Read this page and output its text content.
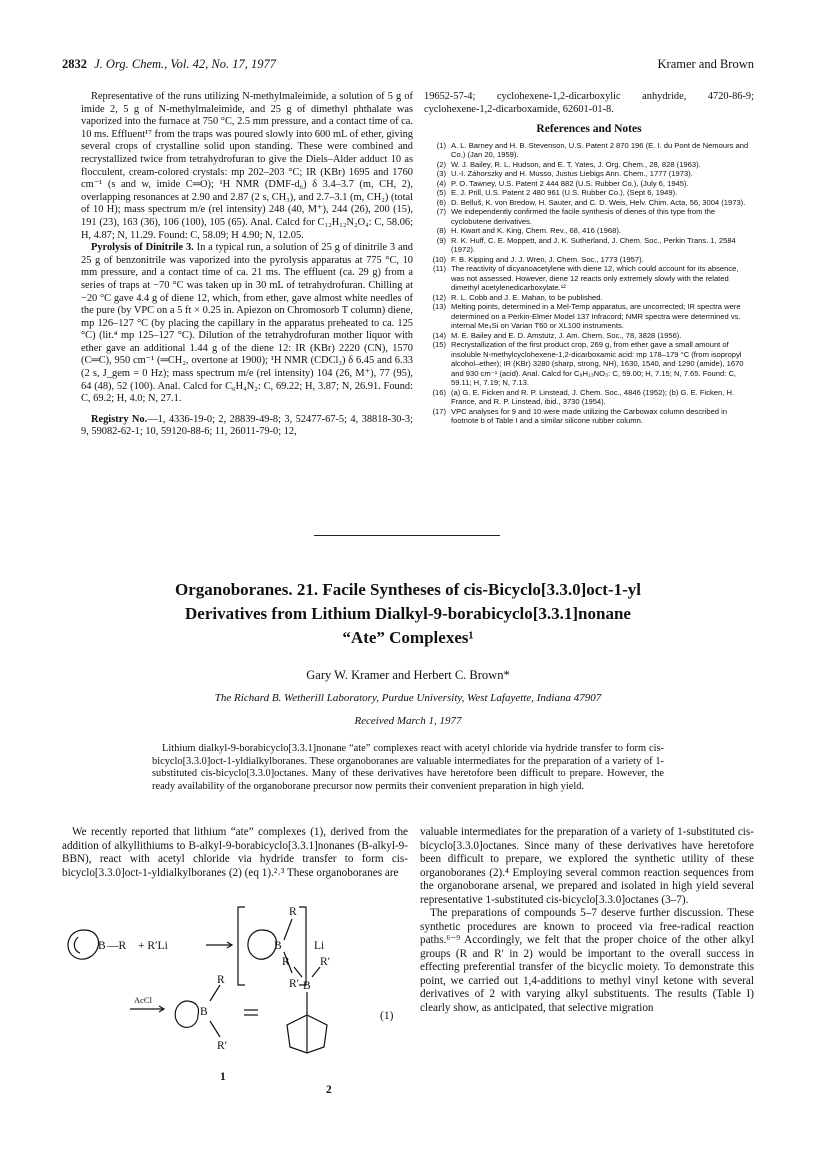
2832 J. Org. Chem., Vol. 42, No. 17, 1977	Kramer and Brown

Representative of the runs utilizing N-methylmaleimide, a solution of 5 g of imide 2, 5 g of N-methylmaleimide, and 25 g of dimethyl phthalate was vaporized into the furnace at 750 °C, 2.5 mm pressure, and a contact time of ca. 10 ms. Effluent¹⁷ from the traps was poured slowly into 600 mL of ether, giving several crops of crystalline solid upon standing. These were combined and recrystallized twice from tetrahydrofuran to give the Diels–Alder adduct 10 as flocculent, cream-colored crystals: mp 202–203 °C; IR (KBr) 1695 and 1760 cm⁻¹ (s and w, imide C═O); ¹H NMR (DMF-d₆) δ 3.4–3.7 (m, CH, 2), overlapping resonances at 2.90 and 2.87 (2 s, CH₃), and 2.7–3.1 (m, CH₂) (total of 10 H); mass spectrum m/e (rel intensity) 248 (40, M⁺), 244 (26), 200 (15), 191 (23), 163 (36), 106 (100), 105 (65). Anal. Calcd for C₁₂H₁₂N₂O₄: C, 58.06; H, 4.87; N, 11.29. Found: C, 58.09; H 4.90; N, 12.05.

Pyrolysis of Dinitrile 3. In a typical run, a solution of 25 g of dinitrile 3 and 25 g of benzonitrile was vaporized into the pyrolysis apparatus at 775 °C, 10 mm pressure, and a contact time of ca. 21 ms. The effluent (ca. 29 g) from a series of traps at −70 °C was taken up in 30 mL of tetrahydrofuran. Chilling at −20 °C gave 4.4 g of diene 12, which, from ether, gave almost white needles of the pure (by VPC on a 5 ft × 0.25 in. Apiezon on Chromosorb T column) diene, mp 126–127 °C (by placing the capillary in the apparatus preheated to ca. 125 °C) (lit.⁴ mp 125–127 °C). Dilution of the tetrahydrofuran mother liquor with ether gave an additional 1.44 g of the diene 12: IR (KBr) 2220 (CN), 1570 (C═C), 950 cm⁻¹ (═CH₂, overtone at 1900); ¹H NMR (CDCl₃) δ 6.45 and 6.33 (2 s, J_gem = 0 Hz); mass spectrum m/e (rel intensity) 104 (26, M⁺), 77 (95), 64 (48), 52 (100). Anal. Calcd for C₆H₄N₂: C, 69.22; H, 3.87; N, 26.91. Found: C, 69.2; H, 4.0; N, 27.1.

Registry No.—1, 4336-19-0; 2, 28839-49-8; 3, 52477-67-5; 4, 38818-30-3; 9, 59082-62-1; 10, 59120-88-6; 11, 26011-79-0; 12,

19652-57-4; cyclohexene-1,2-dicarboxylic anhydride, 4720-86-9; cyclohexene-1,2-dicarboxamide, 62601-01-8.

References and Notes
(1) A. L. Barney and H. B. Stevenson, U.S. Patent 2 870 196 (E. I. du Pont de Nemours and Co.) (Jan 20, 1959).
(2) W. J. Bailey, R. L. Hudson, and E. T. Yates, J. Org. Chem., 28, 828 (1963).
(3) U.-I. Záhorszky and H. Musso, Justus Liebigs Ann. Chem., 1777 (1973).
(4) P. O. Tawney, U.S. Patent 2 444 882 (U.S. Rubber Co.), (July 6, 1945).
(5) E. J. Prill, U.S. Patent 2 480 961 (U.S. Rubber Co.), (Sept 6, 1949).
(6) D. Belluš, K. von Bredow, H. Sauter, and C. D. Weis, Helv. Chim. Acta, 56, 3004 (1973).
(7) We independently confirmed the facile synthesis of dienes of this type from the cyclobutene derivatives.
(8) H. Kwart and K. King, Chem. Rev., 68, 416 (1968).
(9) R. K. Huff, C. E. Moppett, and J. K. Sutherland, J. Chem. Soc., Perkin Trans. 1, 2584 (1972).
(10) F. B. Kipping and J. J. Wren, J. Chem. Soc., 1773 (1957).
(11) The reactivity of dicyanoacetylene with diene 12, which could account for its absence, was not assessed. However, diene 12 reacts only extremely slowly with the related dimethyl acetylenedicarboxylate.¹²
(12) R. L. Cobb and J. E. Mahan, to be published.
(13) Melting points, determined in a Mel-Temp apparatus, are uncorrected; IR spectra were determined on a Perkin-Elmer Model 137 Infracord; NMR spectra were determined vs. internal Me₄Si on Varian T60 or XL100 instruments.
(14) M. E. Bailey and E. D. Amstutz, J. Am. Chem. Soc., 78, 3828 (1956).
(15) Recrystallization of the first product crop, 269 g, from ether gave a small amount of insoluble N-methylcyclohexene-1,2-dicarboxamic acid: mp 178–179 °C (from isopropyl alcohol–ether); IR (KBr) 3280 (sharp, strong, NH), 1630, 1540, and 1290 (amide), 1670 and 930 cm⁻¹ (acid). Anal. Calcd for C₉H₁₃NO₃: C, 59.00; H, 7.15; N, 7.65. Found: C, 59.11; H, 7.19; N, 7.13.
(16) (a) G. E. Ficken and R. P. Linstead, J. Chem. Soc., 4846 (1952); (b) G. E. Ficken, H. France, and R. P. Linstead, ibid., 3730 (1954).
(17) VPC analyses for 9 and 10 were made utilizing the Carbowax column described in footnote b of Table I and a similar silicone rubber column.
Organoboranes. 21. Facile Syntheses of cis-Bicyclo[3.3.0]oct-1-yl
Derivatives from Lithium Dialkyl-9-borabicyclo[3.3.1]nonane
“Ate” Complexes¹
Gary W. Kramer and Herbert C. Brown*
The Richard B. Wetherill Laboratory, Purdue University, West Lafayette, Indiana 47907
Received March 1, 1977
Lithium dialkyl-9-borabicyclo[3.3.1]nonane “ate” complexes react with acetyl chloride via hydride transfer to form cis-bicyclo[3.3.0]oct-1-yldialkylboranes. These organoboranes are valuable intermediates for the preparation of a variety of 1-substituted cis-bicyclo[3.3.0]octanes. Many of these derivatives have heretofore been difficult to prepare. However, the ready availability of the organoborane precursor now permits their convenient preparation in high yield.

We recently reported that lithium “ate” complexes (1), derived from the addition of alkyllithiums to B-alkyl-9-borabicyclo[3.3.1]nonanes (B-alkyl-9-BBN), react with acetyl chloride via hydride transfer to form cis-bicyclo[3.3.0]oct-1-yldialkylboranes (2) (eq 1).²˒³ These organoboranes are

B —R + R′Li	B
R
R′
Li
AcCl
B
R
R′
B
R	R′
(1)
1
2

valuable intermediates for the preparation of a variety of 1-substituted cis-bicyclo[3.3.0]octanes. Since many of these derivatives have heretofore been difficult to prepare, we explored the synthetic utility of these organoboranes (2).⁴ Employing several common reaction sequences from the organoborane arsenal, we prepared and isolated in high yield several representative 1-substituted cis-bicyclo[3.3.0]octanes (3–7).

The preparations of compounds 5–7 deserve further discussion. These synthetic procedures are known to proceed via free-radical reaction paths.⁶⁻⁹ Accordingly, we felt that the proper choice of the other alkyl groups (R and R′ in 2) would be important to the overall success in effecting preferential transfer of the bicyclic moiety. To demonstrate this point, we carried out 1,4-additions to methyl vinyl ketone with several derivatives of 2 with varying alkyl substituents. The results (Table I) clearly show, as anticipated, that selective migration
